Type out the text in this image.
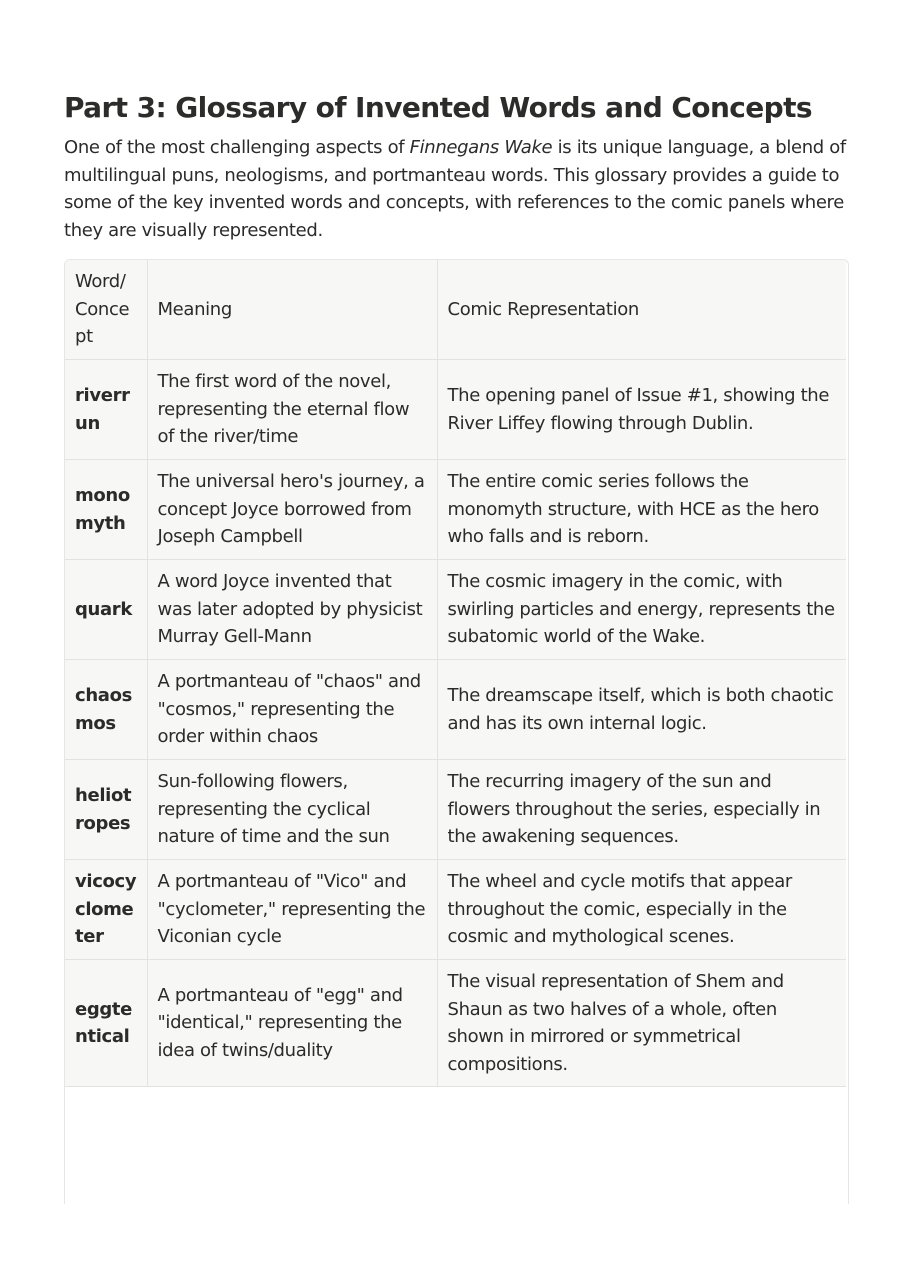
Part 3: Glossary of Invented Words and Concepts

One of the most challenging aspects of Finnegans Wake is its unique language, a blend of multilingual puns, neologisms, and portmanteau words. This glossary provides a guide to some of the key invented words and concepts, with references to the comic panels where they are visually represented.

Word/Concept	Meaning	Comic Representation
riverrun	The first word of the novel, representing the eternal flow of the river/time	The opening panel of Issue #1, showing the River Liffey flowing through Dublin.
monomyth	The universal hero's journey, a concept Joyce borrowed from Joseph Campbell	The entire comic series follows the monomyth structure, with HCE as the hero who falls and is reborn.
quark	A word Joyce invented that was later adopted by physicist Murray Gell-Mann	The cosmic imagery in the comic, with swirling particles and energy, represents the subatomic world of the Wake.
chaosmos	A portmanteau of "chaos" and "cosmos," representing the order within chaos	The dreamscape itself, which is both chaotic and has its own internal logic.
heliotropes	Sun-following flowers, representing the cyclical nature of time and the sun	The recurring imagery of the sun and flowers throughout the series, especially in the awakening sequences.
vicocyclometer	A portmanteau of "Vico" and "cyclometer," representing the Viconian cycle	The wheel and cycle motifs that appear throughout the comic, especially in the cosmic and mythological scenes.
eggtentical	A portmanteau of "egg" and "identical," representing the idea of twins/duality	The visual representation of Shem and Shaun as two halves of a whole, often shown in mirrored or symmetrical compositions.
